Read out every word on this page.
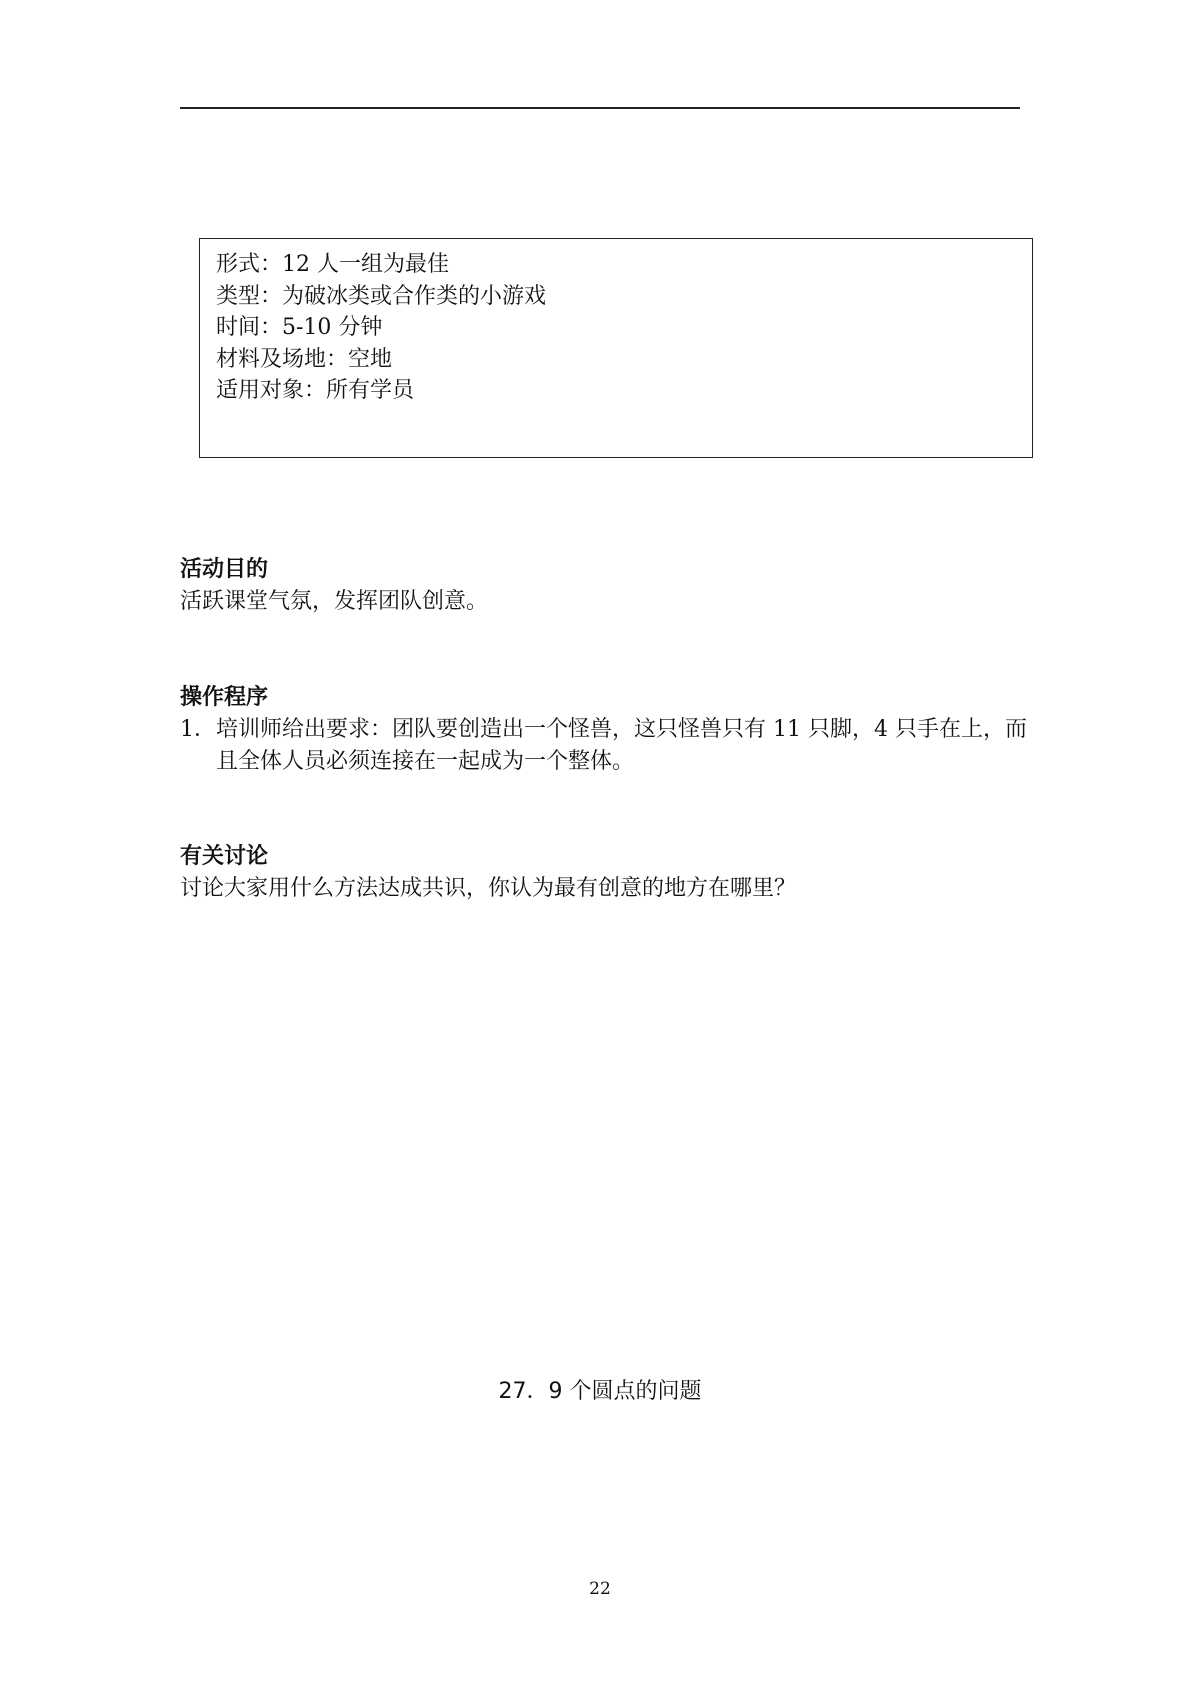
形式：12 人一组为最佳
类型：为破冰类或合作类的小游戏
时间：5-10 分钟
材料及场地：空地
适用对象：所有学员
活动目的
活跃课堂气氛，发挥团队创意。
操作程序
1． 培训师给出要求：团队要创造出一个怪兽，这只怪兽只有 11 只脚，4 只手在上，而且全体人员必须连接在一起成为一个整体。
有关讨论
讨论大家用什么方法达成共识，你认为最有创意的地方在哪里？
27．9 个圆点的问题
22
